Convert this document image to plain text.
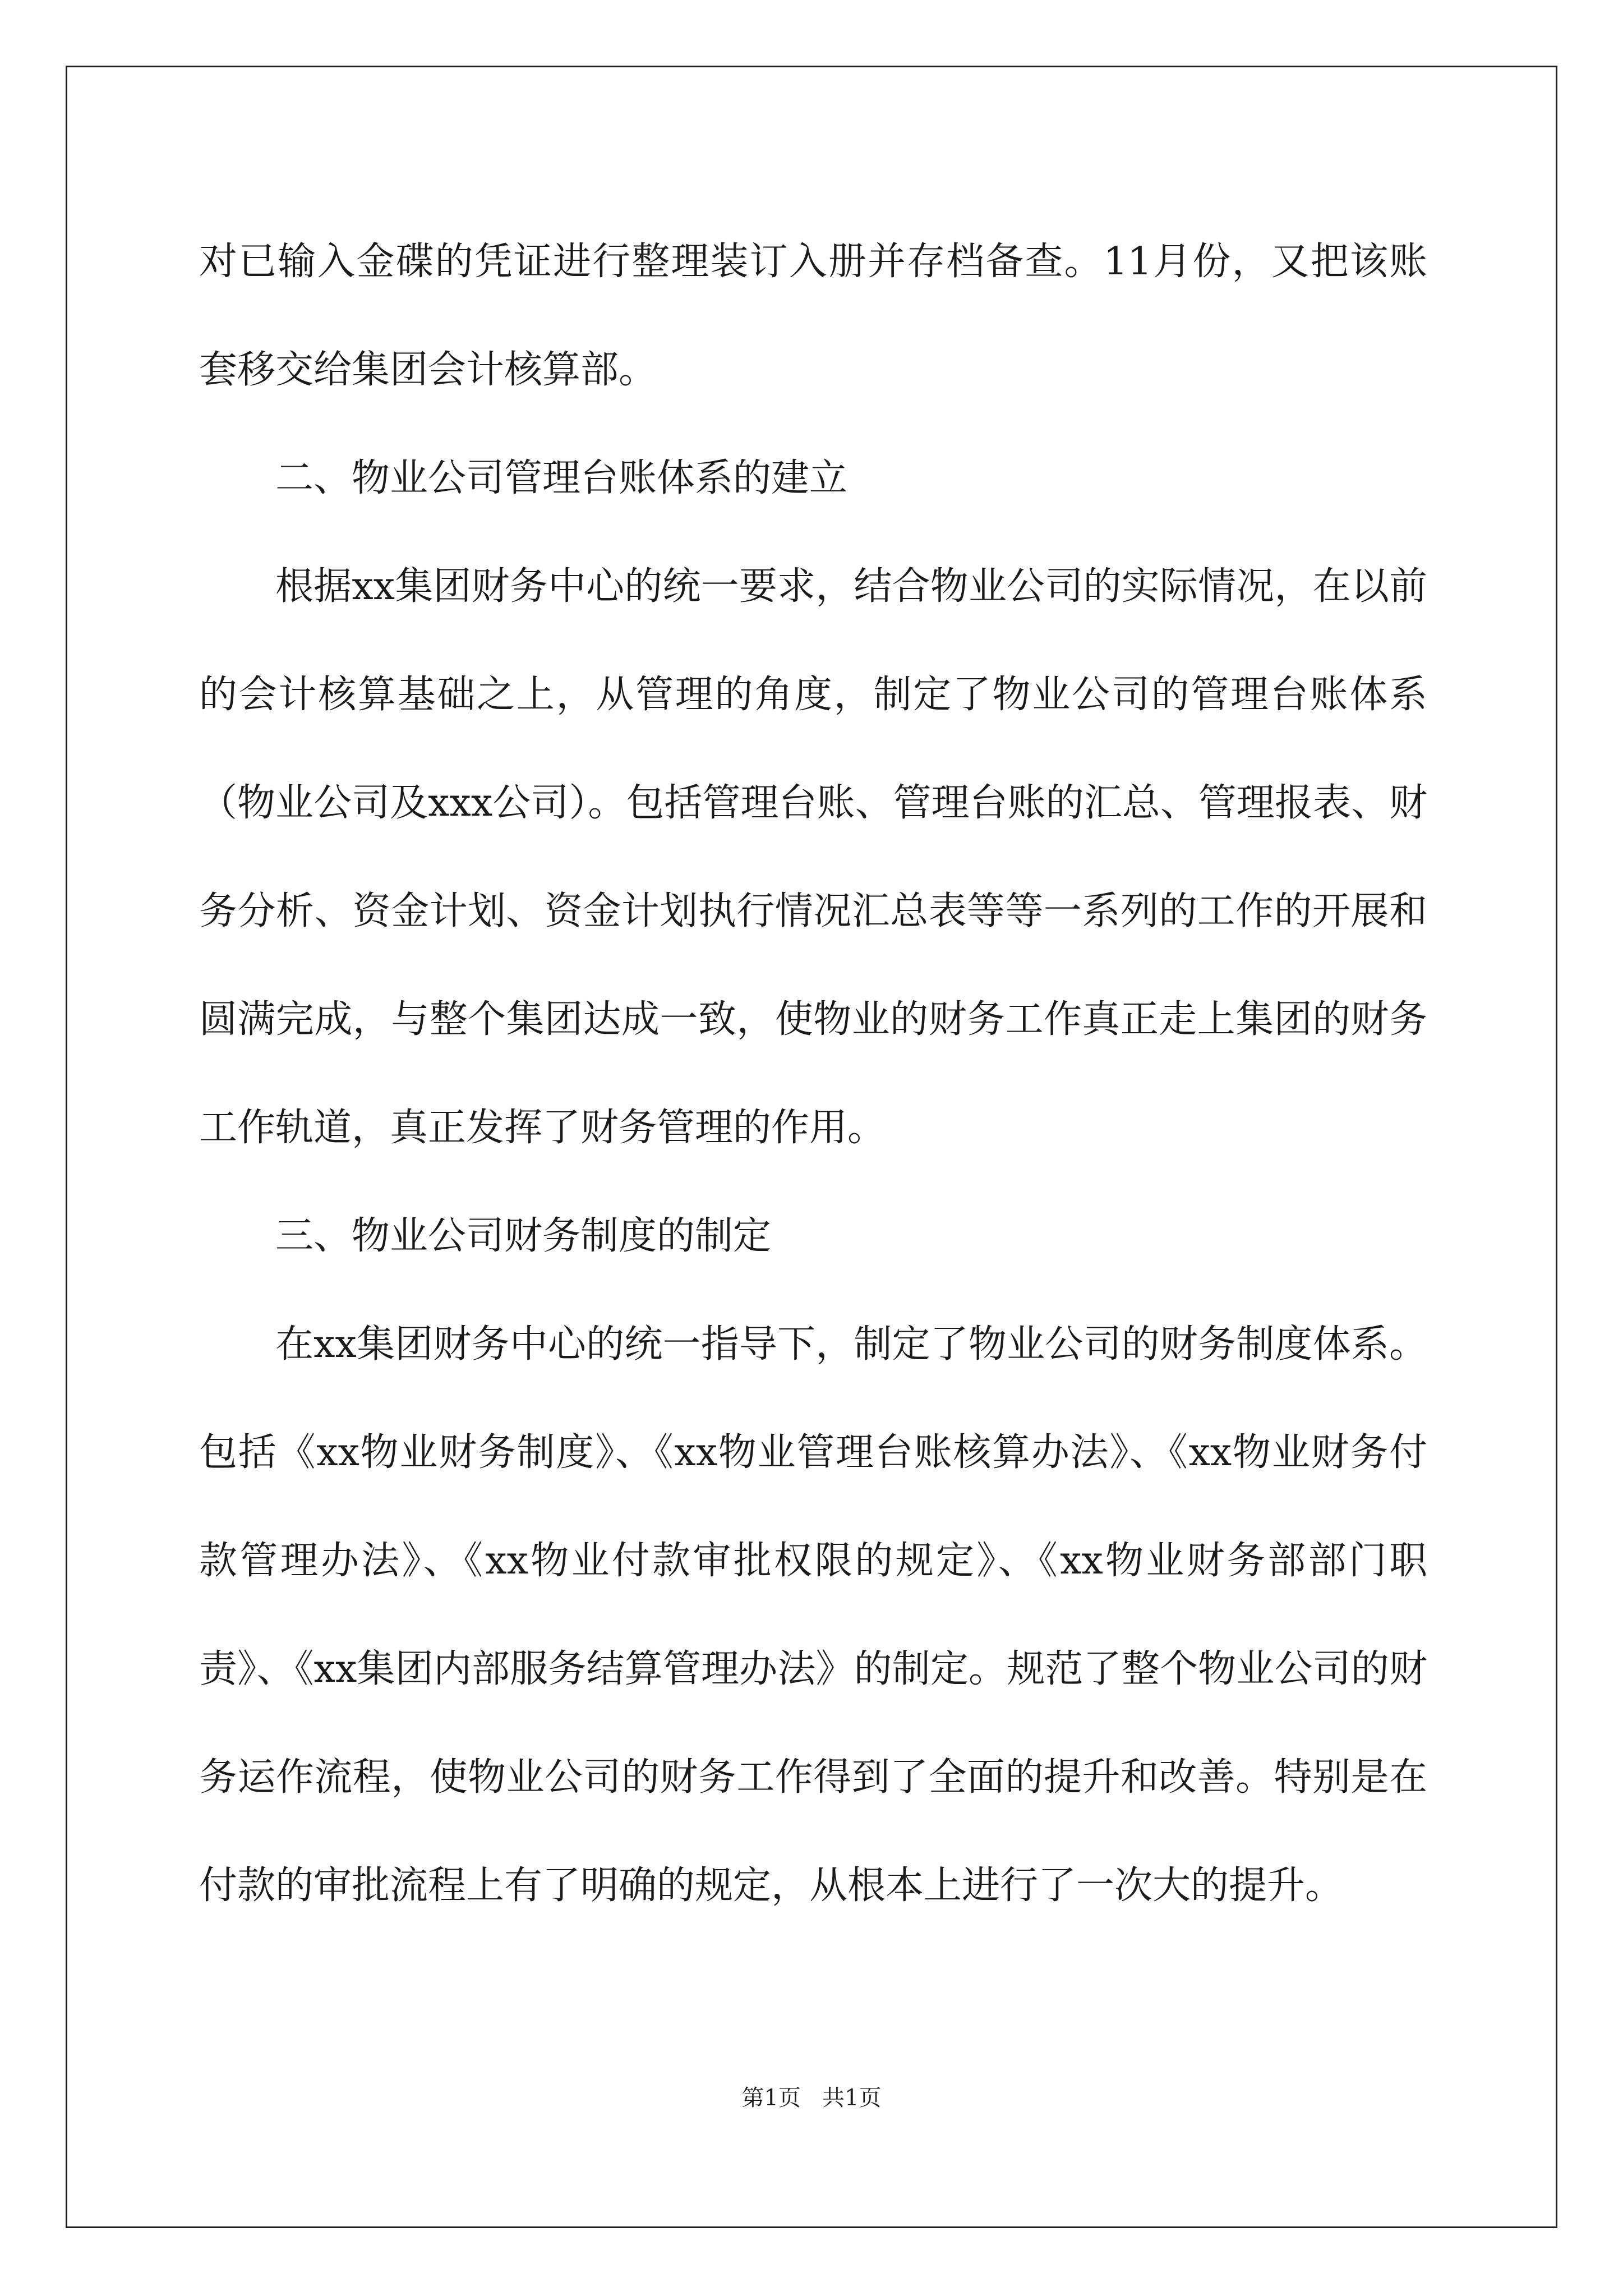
对已输入金碟的凭证进行整理装订入册并存档备查。11月份，又把该账套移交给集团会计核算部。

二、物业公司管理台账体系的建立

根据xx集团财务中心的统一要求，结合物业公司的实际情况，在以前的会计核算基础之上，从管理的角度，制定了物业公司的管理台账体系（物业公司及xxx公司）。包括管理台账、管理台账的汇总、管理报表、财务分析、资金计划、资金计划执行情况汇总表等等一系列的工作的开展和圆满完成，与整个集团达成一致，使物业的财务工作真正走上集团的财务工作轨道，真正发挥了财务管理的作用。

三、物业公司财务制度的制定

在xx集团财务中心的统一指导下，制定了物业公司的财务制度体系。包括《xx物业财务制度》、《xx物业管理台账核算办法》、《xx物业财务付款管理办法》、《xx物业付款审批权限的规定》、《xx物业财务部部门职责》、《xx集团内部服务结算管理办法》的制定。规范了整个物业公司的财务运作流程，使物业公司的财务工作得到了全面的提升和改善。特别是在付款的审批流程上有了明确的规定，从根本上进行了一次大的提升。

第1页   共1页
